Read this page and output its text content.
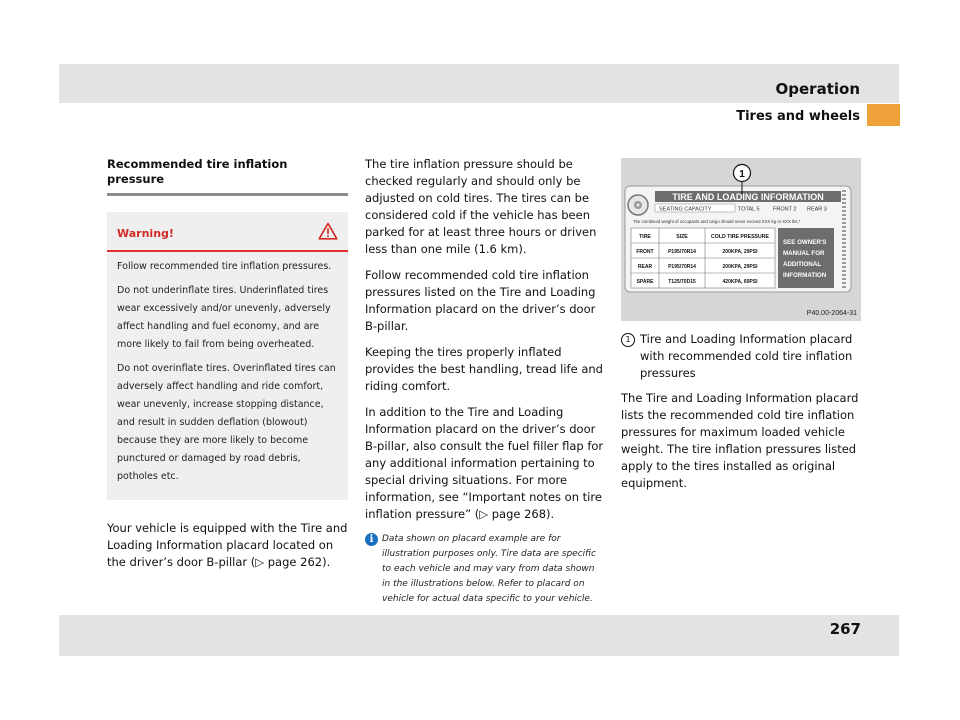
Operation
Tires and wheels
267
Recommended tire inflation pressure
Warning!

Follow recommended tire inflation pressures.

Do not underinflate tires. Underinflated tires wear excessively and/or unevenly, adversely affect handling and fuel economy, and are more likely to fail from being overheated.

Do not overinflate tires. Overinflated tires can adversely affect handling and ride comfort, wear unevenly, increase stopping distance, and result in sudden deflation (blowout) because they are more likely to become punctured or damaged by road debris, potholes etc.

Your vehicle is equipped with the Tire and Loading Information placard located on the driver’s door B-pillar (▷ page 262).

The tire inflation pressure should be checked regularly and should only be adjusted on cold tires. The tires can be considered cold if the vehicle has been parked for at least three hours or driven less than one mile (1.6 km).

Follow recommended cold tire inflation pressures listed on the Tire and Loading Information placard on the driver’s door B-pillar.

Keeping the tires properly inflated provides the best handling, tread life and riding comfort.

In addition to the Tire and Loading Information placard on the driver’s door B-pillar, also consult the fuel filler flap for any additional information pertaining to special driving situations. For more information, see “Important notes on tire inflation pressure” (▷ page 268).

i Data shown on placard example are for illustration purposes only. Tire data are specific to each vehicle and may vary from data shown in the illustrations below. Refer to placard on vehicle for actual data specific to your vehicle.
TIRE AND LOADING INFORMATION
SEATING CAPACITY	TOTAL 5 FRONT 2 REAR 3
The combined weight of occupants and cargo should never exceed XXX kg or XXX lbs.*
TIRE	SIZE	COLD TIRE PRESSURE
FRONT	P195/70R14	200KPA, 29PSI
REAR	P195/70R14	200KPA, 29PSI
SPARE	T125/70D15	420KPA, 60PSI
SEE OWNER'S
MANUAL FOR
ADDITIONAL
INFORMATION
1
P40.00-2064-31
1 Tire and Loading Information placard with recommended cold tire inflation pressures

The Tire and Loading Information placard lists the recommended cold tire inflation pressures for maximum loaded vehicle weight. The tire inflation pressures listed apply to the tires installed as original equipment.
